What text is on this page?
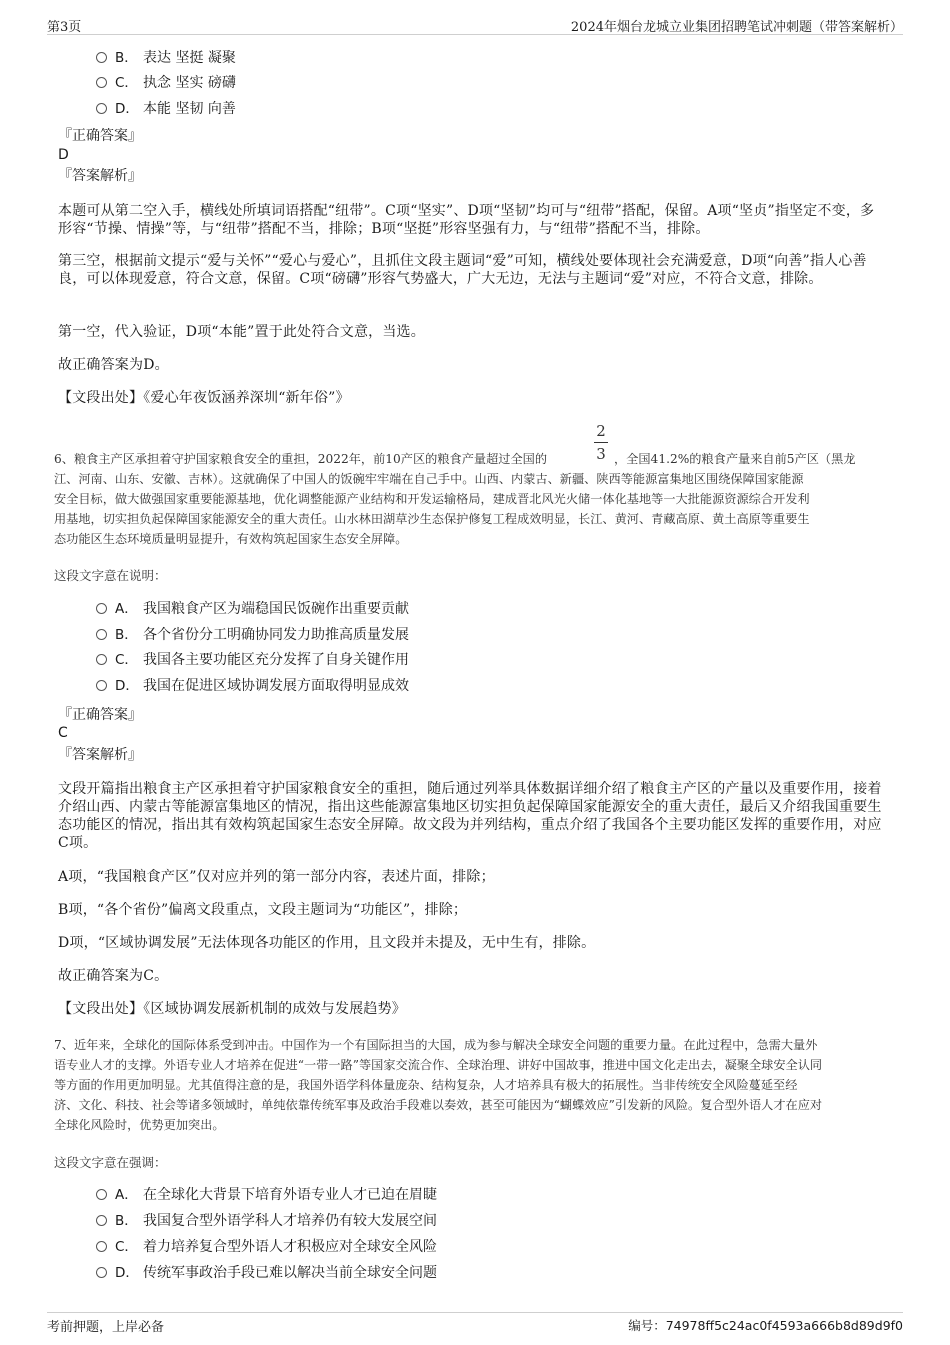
第3页	2024年烟台龙城立业集团招聘笔试冲刺题（带答案解析）
B． 表达 坚挺 凝聚
C． 执念 坚实 磅礴
D． 本能 坚韧 向善
『正确答案』
D
『答案解析』
本题可从第二空入手，横线处所填词语搭配“纽带”。C项“坚实”、D项“坚韧”均可与“纽带”搭配，保留。A项“坚贞”指坚定不变，多形容“节操、情操”等，与“纽带”搭配不当，排除；B项“坚挺”形容坚强有力，与“纽带”搭配不当，排除。
第三空，根据前文提示“爱与关怀”“爱心与爱心”，且抓住文段主题词“爱”可知，横线处要体现社会充满爱意，D项“向善”指人心善良，可以体现爱意，符合文意，保留。C项“磅礴”形容气势盛大，广大无边，无法与主题词“爱”对应，不符合文意，排除。
第一空，代入验证，D项“本能”置于此处符合文意，当选。
故正确答案为D。
【文段出处】《爱心年夜饭涵养深圳“新年俗”》
6、粮食主产区承担着守护国家粮食安全的重担，2022年，前10产区的粮食产量超过全国的
2
3 ，全国41.2%的粮食产量来自前5产区（黑龙
江、河南、山东、安徽、吉林）。这就确保了中国人的饭碗牢牢端在自己手中。山西、内蒙古、新疆、陕西等能源富集地区围绕保障国家能源
安全目标，做大做强国家重要能源基地，优化调整能源产业结构和开发运输格局，建成晋北风光火储一体化基地等一大批能源资源综合开发利
用基地，切实担负起保障国家能源安全的重大责任。山水林田湖草沙生态保护修复工程成效明显，长江、黄河、青藏高原、黄土高原等重要生
态功能区生态环境质量明显提升，有效构筑起国家生态安全屏障。
这段文字意在说明：
A． 我国粮食产区为端稳国民饭碗作出重要贡献
B． 各个省份分工明确协同发力助推高质量发展
C． 我国各主要功能区充分发挥了自身关键作用
D． 我国在促进区域协调发展方面取得明显成效
『正确答案』
C
『答案解析』
文段开篇指出粮食主产区承担着守护国家粮食安全的重担，随后通过列举具体数据详细介绍了粮食主产区的产量以及重要作用，接着介绍山西、内蒙古等能源富集地区的情况，指出这些能源富集地区切实担负起保障国家能源安全的重大责任，最后又介绍我国重要生态功能区的情况，指出其有效构筑起国家生态安全屏障。故文段为并列结构，重点介绍了我国各个主要功能区发挥的重要作用，对应C项。
A项，“我国粮食产区”仅对应并列的第一部分内容，表述片面，排除；
B项，“各个省份”偏离文段重点，文段主题词为“功能区”，排除；
D项，“区域协调发展”无法体现各功能区的作用，且文段并未提及，无中生有，排除。
故正确答案为C。
【文段出处】《区域协调发展新机制的成效与发展趋势》
7、近年来，全球化的国际体系受到冲击。中国作为一个有国际担当的大国，成为参与解决全球安全问题的重要力量。在此过程中，急需大量外
语专业人才的支撑。外语专业人才培养在促进“一带一路”等国家交流合作、全球治理、讲好中国故事，推进中国文化走出去，凝聚全球安全认同
等方面的作用更加明显。尤其值得注意的是，我国外语学科体量庞杂、结构复杂，人才培养具有极大的拓展性。当非传统安全风险蔓延至经
济、文化、科技、社会等诸多领域时，单纯依靠传统军事及政治手段难以奏效，甚至可能因为“蝴蝶效应”引发新的风险。复合型外语人才在应对
全球化风险时，优势更加突出。
这段文字意在强调：
A． 在全球化大背景下培育外语专业人才已迫在眉睫
B． 我国复合型外语学科人才培养仍有较大发展空间
C． 着力培养复合型外语人才积极应对全球安全风险
D． 传统军事政治手段已难以解决当前全球安全问题
考前押题，上岸必备	编号：74978ff5c24ac0f4593a666b8d89d9f0
